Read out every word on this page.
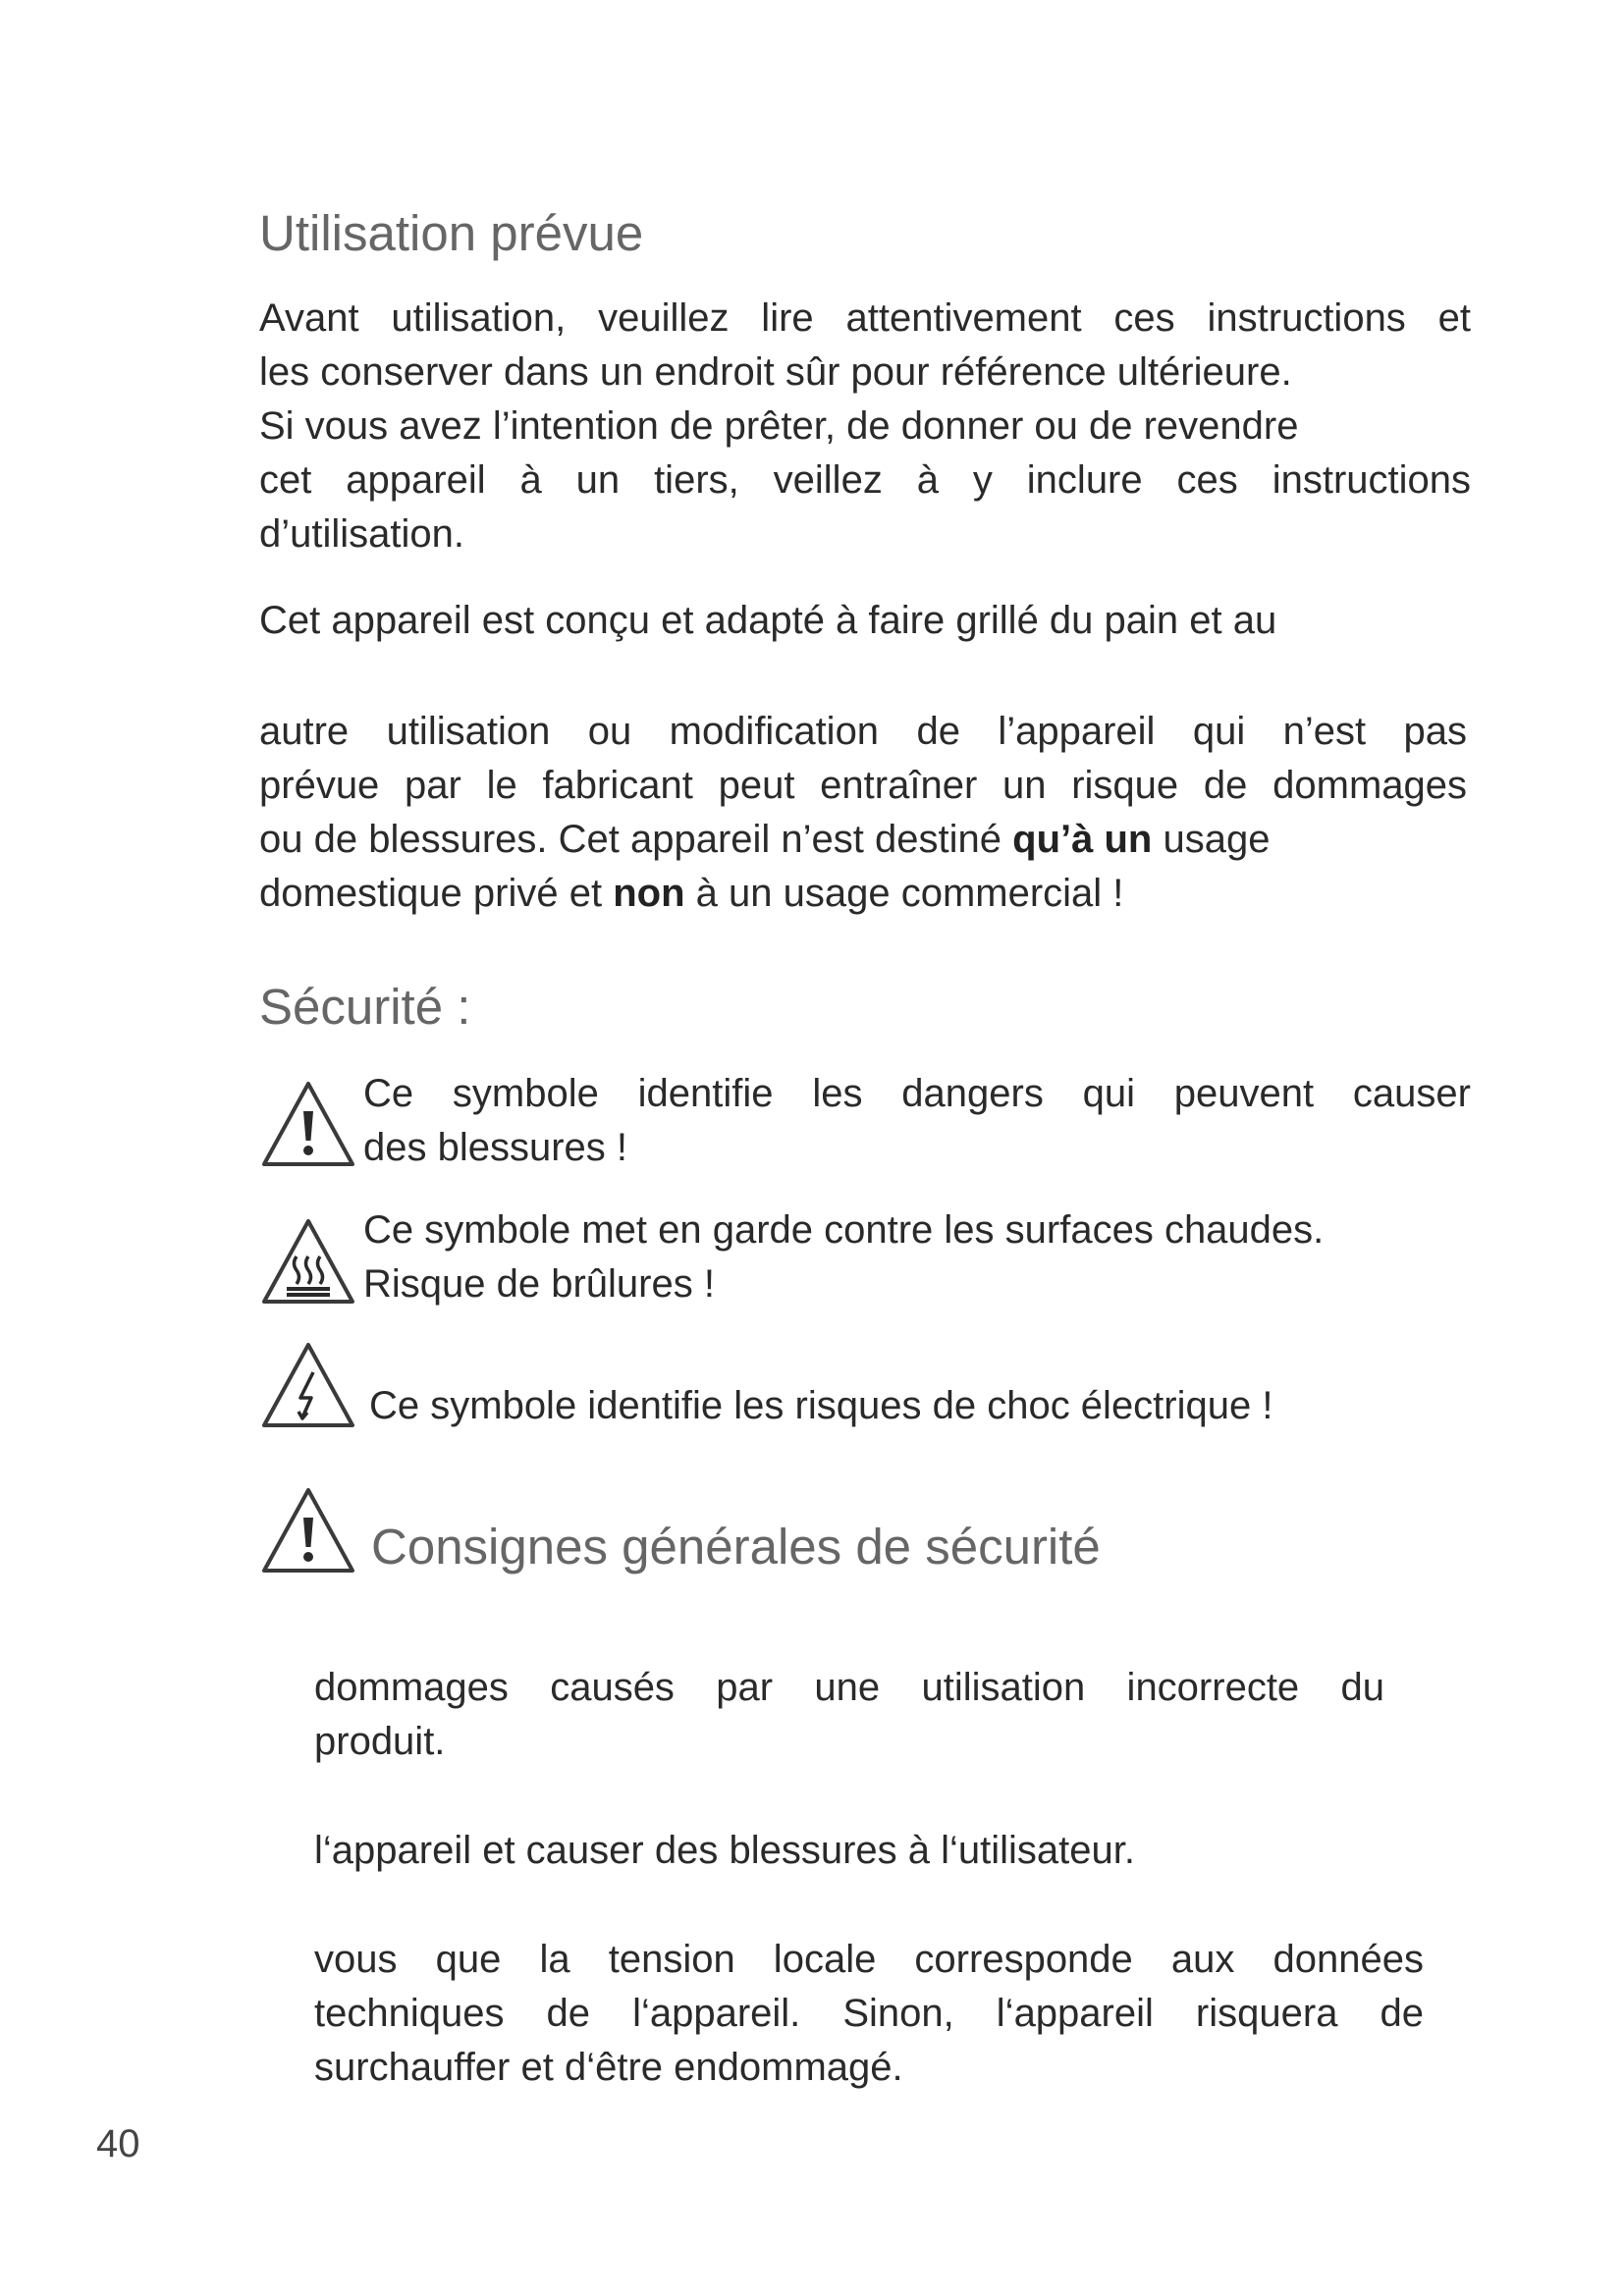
Utilisation prévue
Avant utilisation, veuillez lire attentivement ces instructions et
les conserver dans un endroit sûr pour référence ultérieure.
Si vous avez l’intention de prêter, de donner ou de revendre
cet appareil à un tiers, veillez à y inclure ces instructions
d’utilisation.
Cet appareil est conçu et adapté à faire grillé du pain et au
autre utilisation ou modification de l’appareil qui n’est pas
prévue par le fabricant peut entraîner un risque de dommages
ou de blessures. Cet appareil n’est destiné qu’à un usage
domestique privé et non à un usage commercial !
Sécurité :
Ce symbole identifie les dangers qui peuvent causer
des blessures !
Ce symbole met en garde contre les surfaces chaudes.
Risque de brûlures !
Ce symbole identifie les risques de choc électrique !
Consignes générales de sécurité
dommages causés par une utilisation incorrecte du
produit.
l‘appareil et causer des blessures à l‘utilisateur.
vous que la tension locale corresponde aux données
techniques de l‘appareil. Sinon, l‘appareil risquera de
surchauffer et d‘être endommagé.
40
